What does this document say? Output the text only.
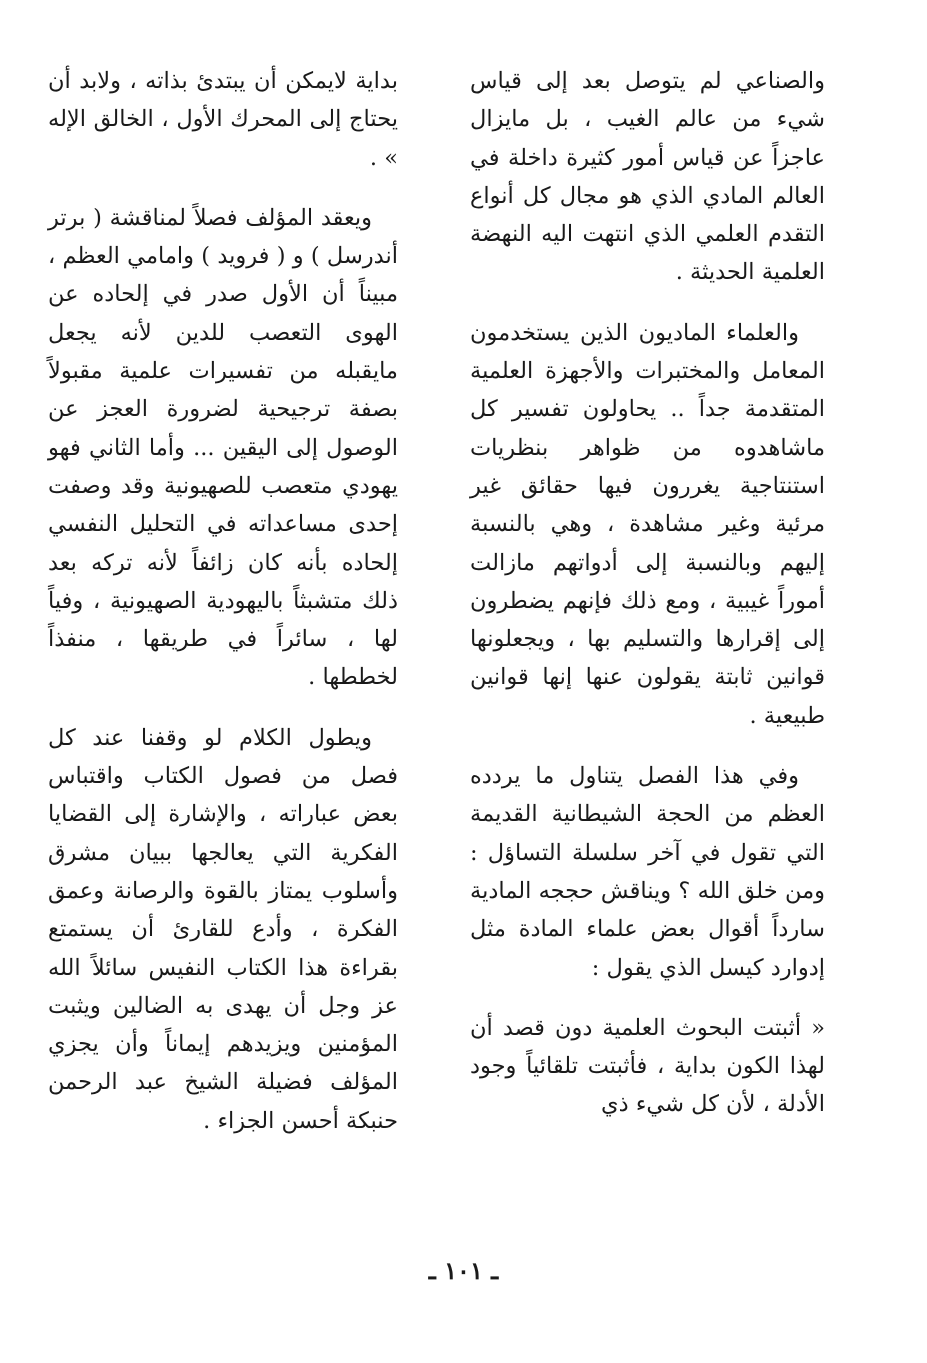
والصناعي لم يتوصل بعد إلى قياس شيء من عالم الغيب ، بل مايزال عاجزاً عن قياس أمور كثيرة داخلة في العالم المادي الذي هو مجال كل أنواع التقدم العلمي الذي انتهت اليه النهضة العلمية الحديثة .

والعلماء الماديون الذين يستخدمون المعامل والمختبرات والأجهزة العلمية المتقدمة جداً .. يحاولون تفسير كل ماشاهدوه من ظواهر بنظريات استنتاجية يغررون فيها حقائق غير مرئية وغير مشاهدة ، وهي بالنسبة إليهم وبالنسبة إلى أدواتهم مازالت أموراً غيبية ، ومع ذلك فإنهم يضطرون إلى إقرارها والتسليم بها ، ويجعلونها قوانين ثابتة يقولون عنها إنها قوانين طبيعية .

وفي هذا الفصل يتناول ما يردده العظم من الحجة الشيطانية القديمة التي تقول في آخر سلسلة التساؤل : ومن خلق الله ؟ ويناقش حججه المادية سارداً أقوال بعض علماء المادة مثل إدوارد كيسل الذي يقول :

« أثبتت البحوث العلمية دون قصد أن لهذا الكون بداية ، فأثبتت تلقائياً وجود الأدلة ، لأن كل شيء ذي

بداية لايمكن أن يبتدئ بذاته ، ولابد أن يحتاج إلى المحرك الأول ، الخالق الإله » .

ويعقد المؤلف فصلاً لمناقشة ( برتر أندرسل ) و ( فرويد ) وامامي العظم ، مبيناً أن الأول صدر في إلحاده عن الهوى التعصب للدين لأنه يجعل مايقبله من تفسيرات علمية مقبولاً بصفة ترجيحية لضرورة العجز عن الوصول إلى اليقين ... وأما الثاني فهو يهودي متعصب للصهيونية وقد وصفت إحدى مساعداته في التحليل النفسي إلحاده بأنه كان زائفاً لأنه تركه بعد ذلك متشبثاً باليهودية الصهيونية ، وفياً لها ، سائراً في طريقها ، منفذاً لخططها .

ويطول الكلام لو وقفنا عند كل فصل من فصول الكتاب واقتباس بعض عباراته ، والإشارة إلى القضايا الفكرية التي يعالجها ببيان مشرق وأسلوب يمتاز بالقوة والرصانة وعمق الفكرة ، وأدع للقارئ أن يستمتع بقراءة هذا الكتاب النفيس سائلاً الله عز وجل أن يهدى به الضالين ويثبت المؤمنين ويزيدهم إيماناً وأن يجزي المؤلف فضيلة الشيخ عبد الرحمن حنبكة أحسن الجزاء .

ـ ١٠١ ـ
